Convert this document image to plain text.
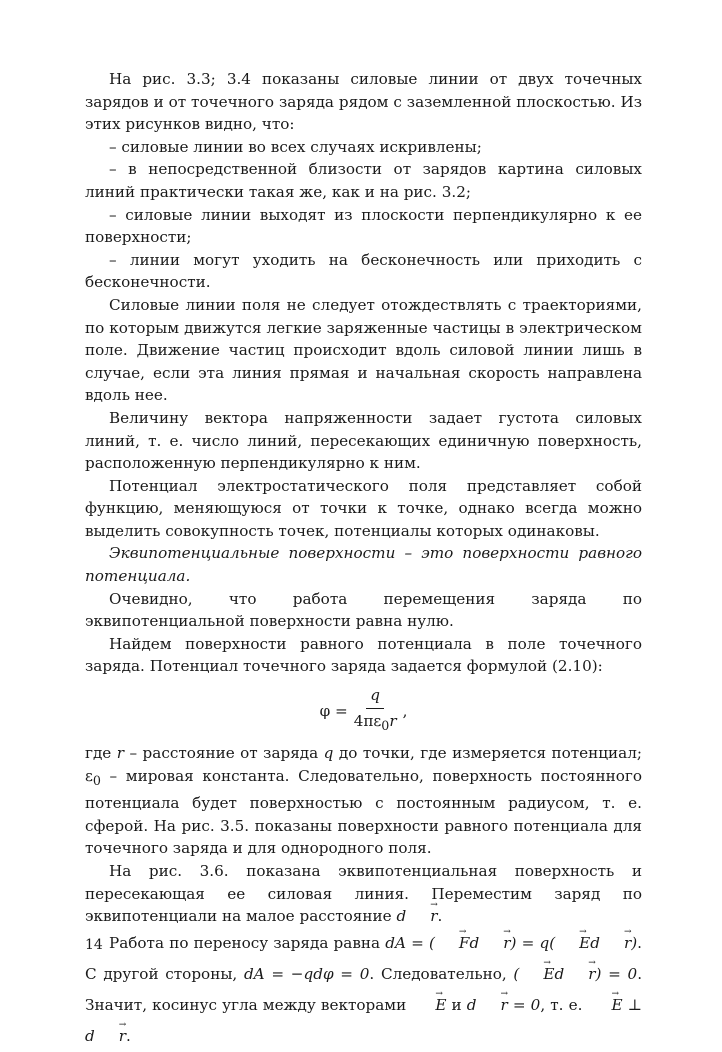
На рис. 3.3; 3.4 показаны силовые линии от двух точечных зарядов и от точечного заряда рядом с заземленной плоскостью. Из этих рисунков видно, что:

– силовые линии во всех случаях искривлены;

– в непосредственной близости от зарядов картина силовых линий практически такая же, как и на рис. 3.2;

– силовые линии выходят из плоскости перпендикулярно к ее поверхности;

– линии могут уходить на бесконечность или приходить с бесконечности.

Силовые линии поля не следует отождествлять с траекториями, по которым движутся легкие заряженные частицы в электрическом поле. Движение частиц происходит вдоль силовой линии лишь в случае, если эта линия прямая и начальная скорость направлена вдоль нее.

Величину вектора напряженности задает густота силовых линий, т. е. число линий, пересекающих единичную поверхность, расположенную перпендикулярно к ним.

Потенциал электростатического поля представляет собой функцию, меняющуюся от точки к точке, однако всегда можно выделить совокупность точек, потенциалы которых одинаковы.

Эквипотенциальные поверхности – это поверхности равного потенциала.

Очевидно, что работа перемещения заряда по эквипотенциальной поверхности равна нулю.

Найдем поверхности равного потенциала в поле точечного заряда. Потенциал точечного заряда задается формулой (2.10):

$\varphi = \frac{q}{4\pi\varepsilon_0r}$ ,

где r – расстояние от заряда q до точки, где измеряется потенциал; $\varepsilon_0$ – мировая константа. Следовательно, поверхность постоянного потенциала будет поверхностью с постоянным радиусом, т. е. сферой. На рис. 3.5. показаны поверхности равного потенциала для точечного заряда и для однородного поля.

На рис. 3.6. показана эквипотенциальная поверхность и пересекающая ее силовая линия. Переместим заряд по эквипотенциали на малое расстояние d → r.

Работа по переносу заряда равна dA = ( → Fd → r) = q( → Ed → r). С другой стороны, dA = −qdφ = 0. Следовательно, ( → Ed → r) = 0. Значит, косинус угла между векторами → E и d → r = 0, т. е. → E ⊥ d → r.

14
